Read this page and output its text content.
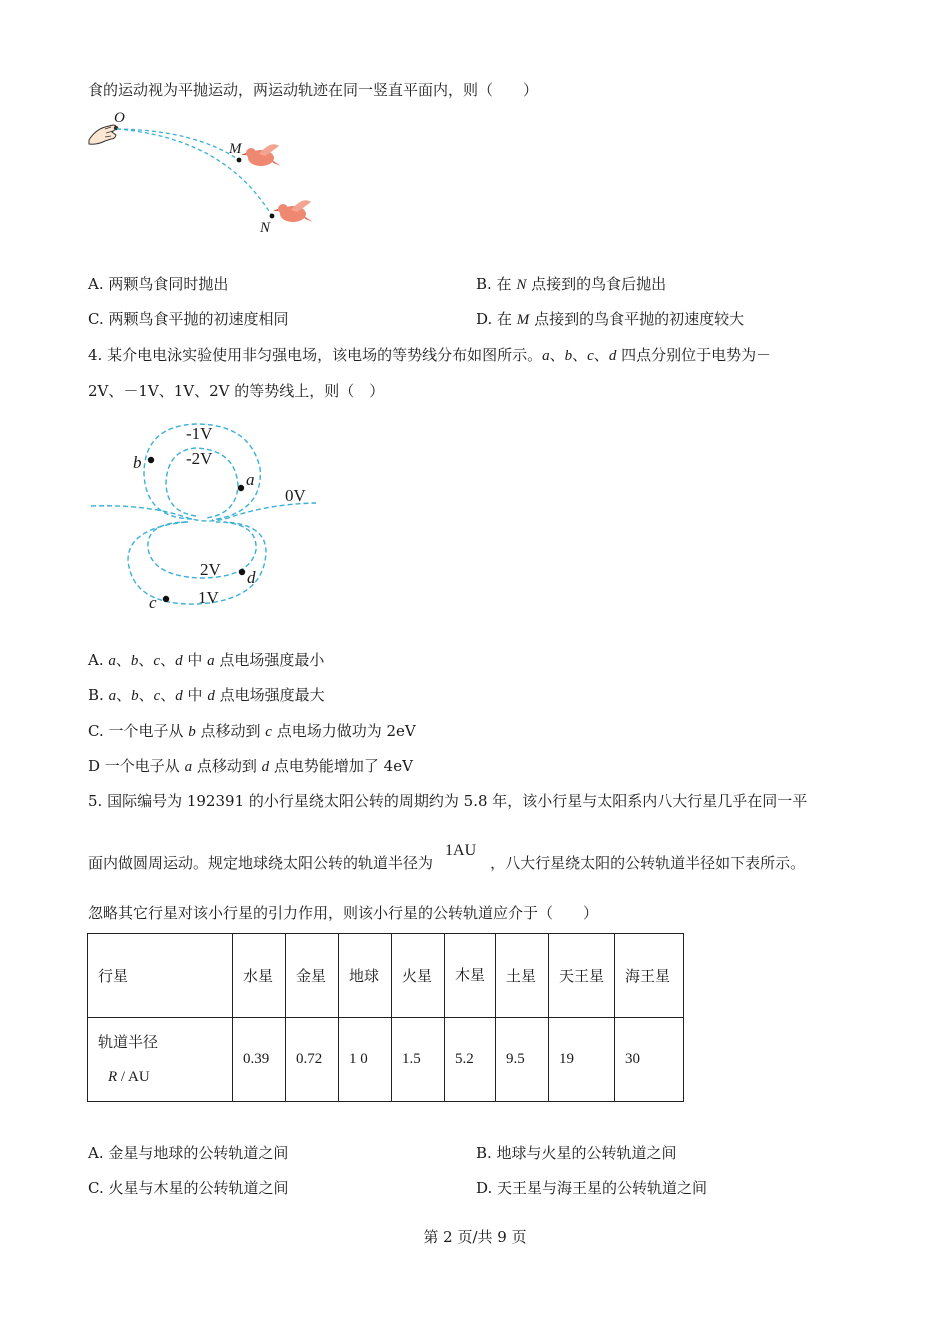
食的运动视为平抛运动，两运动轨迹在同一竖直平面内，则（　　）
O
M
N
A. 两颗鸟食同时抛出	B. 在 N 点接到的鸟食后抛出
C. 两颗鸟食平抛的初速度相同	D. 在 M 点接到的鸟食平抛的初速度较大
4. 某介电电泳实验使用非匀强电场，该电场的等势线分布如图所示。a、b、c、d 四点分别位于电势为－
2V、－1V、1V、2V 的等势线上，则（　）
-1V
-2V
0V
2V
1V
b
a
d
c
A. a、b、c、d 中 a 点电场强度最小
B. a、b、c、d 中 d 点电场强度最大
C. 一个电子从 b 点移动到 c 点电场力做功为 2eV
D 一个电子从 a 点移动到 d 点电势能增加了 4eV
5. 国际编号为 192391 的小行星绕太阳公转的周期约为 5.8 年，该小行星与太阳系内八大行星几乎在同一平
面内做圆周运动。规定地球绕太阳公转的轨道半径为1AU，八大行星绕太阳的公转轨道半径如下表所示。
忽略其它行星对该小行星的引力作用，则该小行星的公转轨道应介于（　　）
行星	水星	金星	地球	火星	木星	土星	天王星	海王星

轨道半径
R / AU	0.39	0.72	1 0	1.5	5.2	9.5	19	30
A. 金星与地球的公转轨道之间	B. 地球与火星的公转轨道之间
C. 火星与木星的公转轨道之间	D. 天王星与海王星的公转轨道之间
第 2 页/共 9 页
